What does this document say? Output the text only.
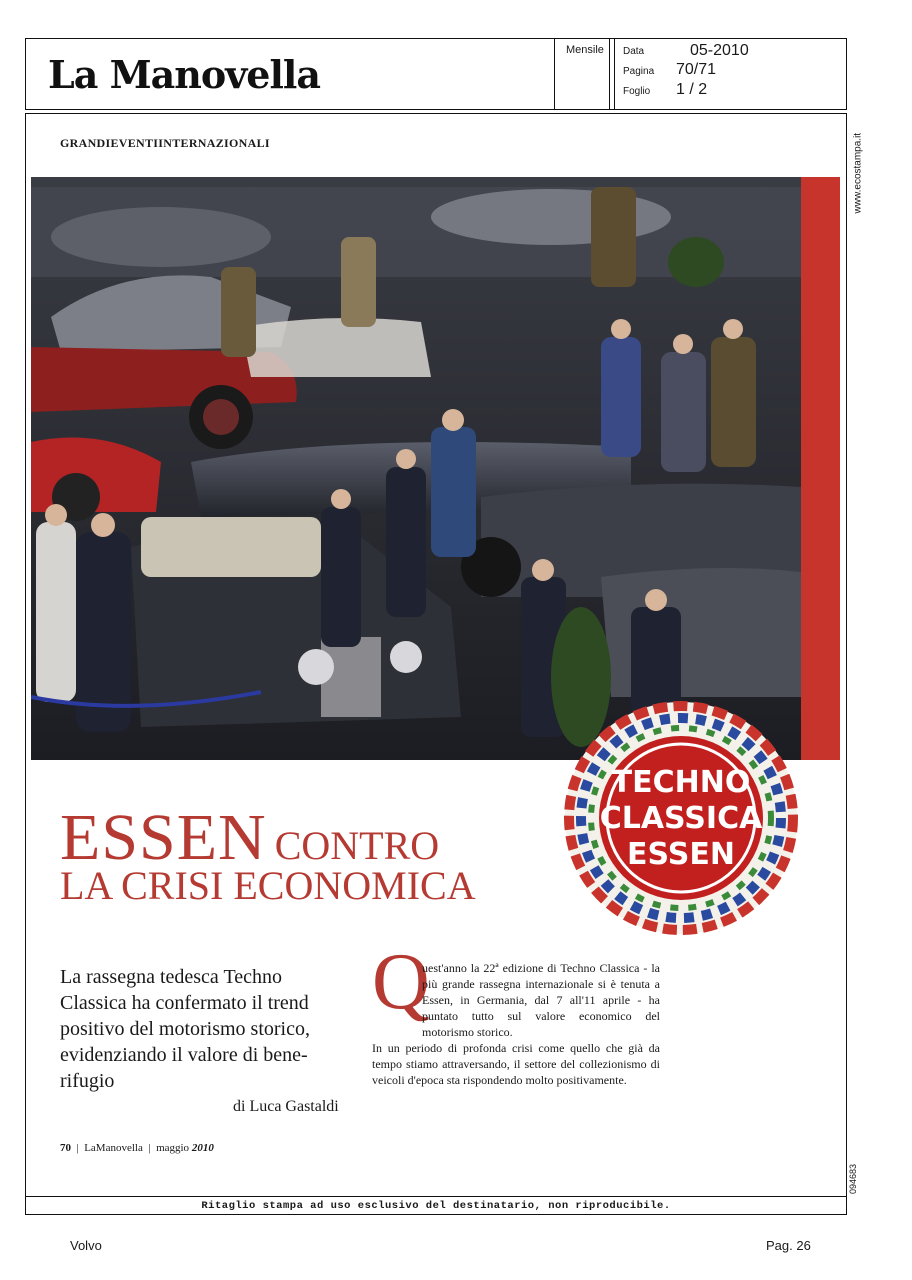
La Manovella
Mensile Data	05-2010
Pagina 70/71
Foglio 1 / 2
www.ecostampa.it
094683
GRANDIEVENTIINTERNAZIONALI
ESSEN CONTRO
LA CRISI ECONOMICA
TECHNO
CLASSICA
ESSEN
La rassegna tedesca Techno Classica ha confermato il trend positivo del motorismo storico, evidenziando il valore di bene-rifugio
di Luca Gastaldi
Q
uest'anno la 22ª edizione di Techno Classica - la più grande rassegna internazionale si è tenuta a Essen, in Germania, dal 7 all'11 aprile - ha puntato tutto sul valore economico del motorismo storico.
In un periodo di profonda crisi come quello che già da tempo stiamo attraversando, il settore del collezionismo di veicoli d'epoca sta rispondendo molto positivamente.
70  |  LaManovella  |  maggio 2010
Ritaglio stampa ad uso esclusivo del destinatario, non riproducibile.
Volvo	Pag. 26
